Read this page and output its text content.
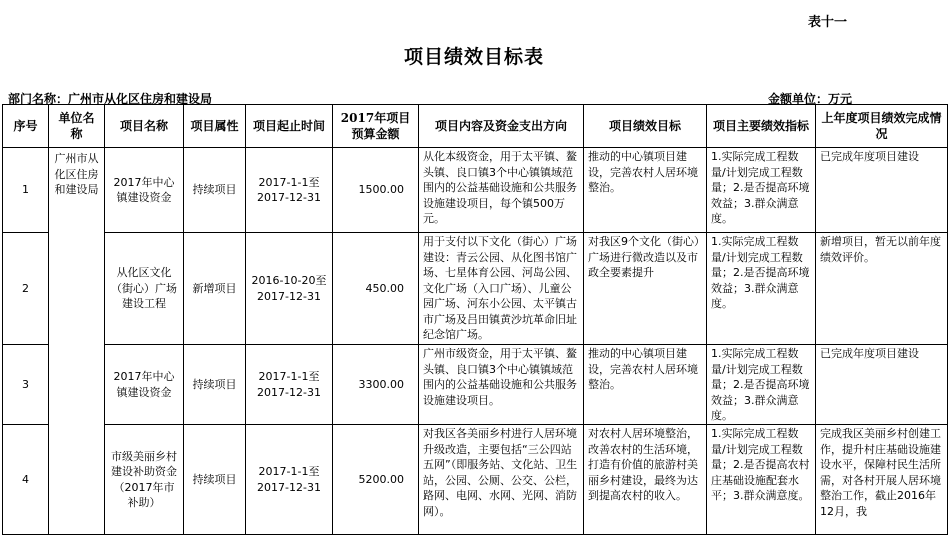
表十一
项目绩效目标表
部门名称：广州市从化区住房和建设局	金额单位：万元
序号	单位名称	项目名称	项目属性	项目起止时间	2017年项目预算金额	项目内容及资金支出方向	项目绩效目标	项目主要绩效指标	上年度项目绩效完成情况
1	广州市从化区住房和建设局	2017年中心镇建设资金	持续项目	2017-1-1至2017-12-31	1500.00	从化本级资金，用于太平镇、鳌头镇、良口镇3个中心镇镇域范围内的公益基础设施和公共服务设施建设项目，每个镇500万元。	推动的中心镇项目建设，完善农村人居环境整治。	1.实际完成工程数量/计划完成工程数量；2.是否提高环境效益；3.群众满意度。	已完成年度项目建设
2		从化区文化（街心）广场建设工程	新增项目	2016-10-20至2017-12-31	450.00	用于支付以下文化（街心）广场建设：青云公园、从化图书馆广场、七星体育公园、河岛公园、文化广场（入口广场）、儿童公园广场、河东小公园、太平镇古市广场及吕田镇黄沙坑革命旧址纪念馆广场。	对我区9个文化（街心）广场进行微改造以及市政全要素提升	1.实际完成工程数量/计划完成工程数量；2.是否提高环境效益；3.群众满意度。	新增项目，暂无以前年度绩效评价。
3		2017年中心镇建设资金	持续项目	2017-1-1至2017-12-31	3300.00	广州市级资金，用于太平镇、鳌头镇、良口镇3个中心镇镇域范围内的公益基础设施和公共服务设施建设项目。	推动的中心镇项目建设，完善农村人居环境整治。	1.实际完成工程数量/计划完成工程数量；2.是否提高环境效益；3.群众满意度。	已完成年度项目建设
4		市级美丽乡村建设补助资金（2017年市补助）	持续项目	2017-1-1至2017-12-31	5200.00	对我区各美丽乡村进行人居环境升级改造，主要包括“三公四站五网”（即服务站、文化站、卫生站，公园、公厕、公交、公栏，路网、电网、水网、光网、消防网）。	对农村人居环境整治，改善农村的生活环境，打造有价值的旅游村美丽乡村建设，最终为达到提高农村的收入。	1.实际完成工程数量/计划完成工程数量；2.是否提高农村庄基础设施配套水平；3.群众满意度。	完成我区美丽乡村创建工作，提升村庄基础设施建设水平，保障村民生活所需，对各村开展人居环境整治工作，截止2016年12月，我
